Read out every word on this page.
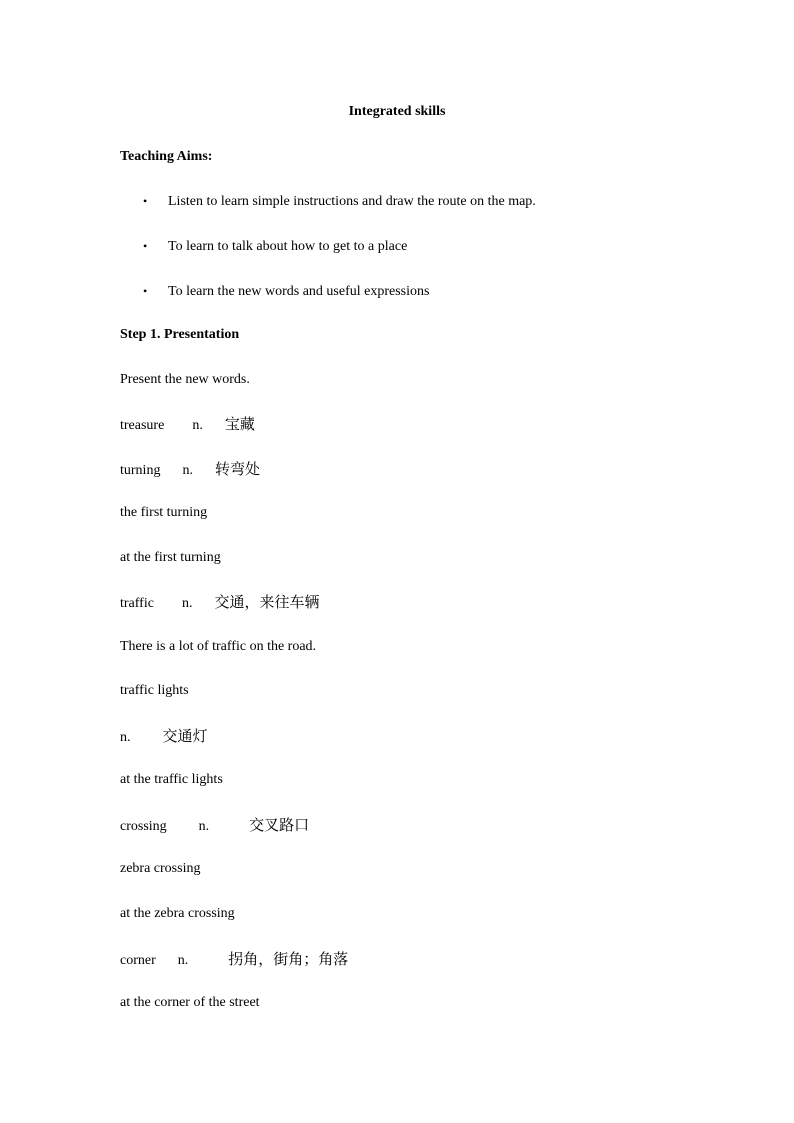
Integrated skills
Teaching Aims:
• Listen to learn simple instructions and draw the route on the map.
• To learn to talk about how to get to a place
• To learn the new words and useful expressions
Step 1. Presentation
Present the new words.
treasure n. 宝藏
turning n. 转弯处
the first turning
at the first turning
traffic n. 交通，来往车辆
There is a lot of traffic on the road.
traffic lights
n. 交通灯
at the traffic lights
crossing n.	交叉路口
zebra crossing
at the zebra crossing
corner n.	拐角，街角；角落
at the corner of the street
